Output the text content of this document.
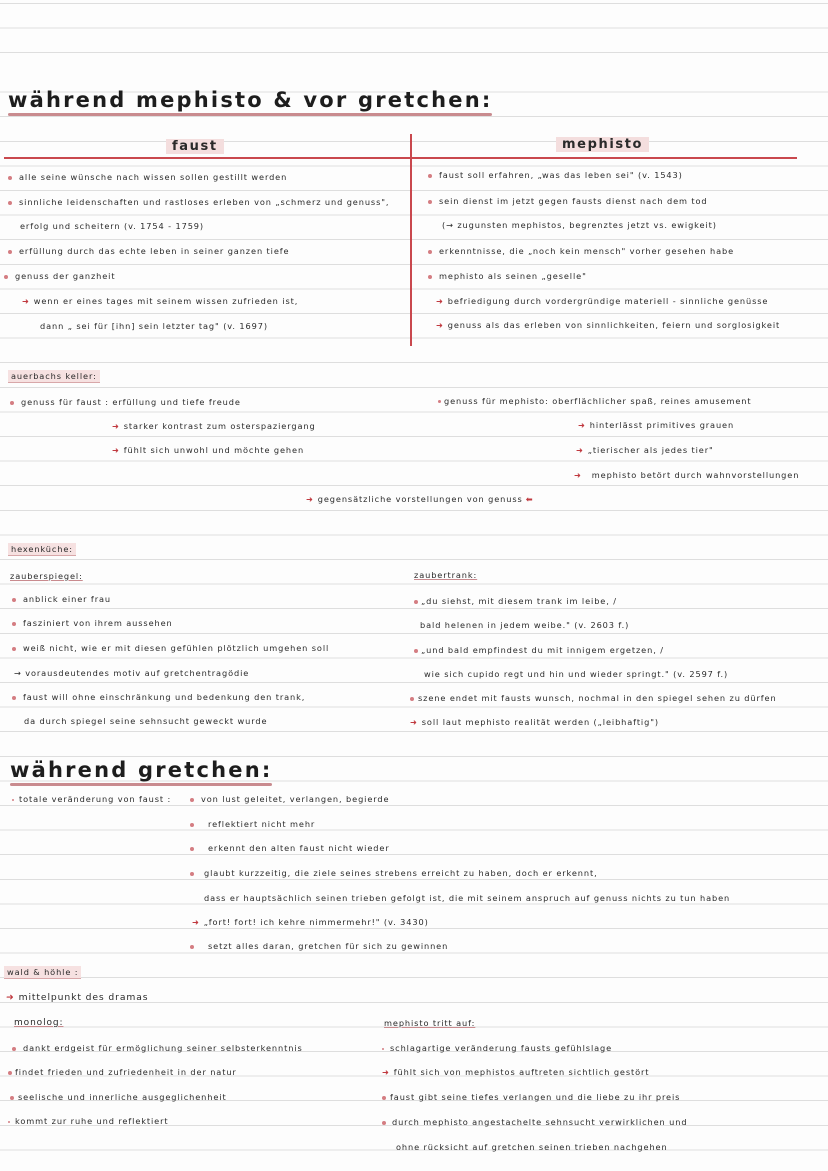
während mephisto & vor gretchen:
faust	mephisto
alle seine wünsche nach wissen sollen gestillt werden
sinnliche leidenschaften und rastloses erleben von „schmerz und genuss",
erfolg und scheitern (v. 1754 - 1759)
erfüllung durch das echte leben in seiner ganzen tiefe
genuss der ganzheit
➜ wenn er eines tages mit seinem wissen zufrieden ist,
dann „ sei für [ihn] sein letzter tag" (v. 1697)
faust soll erfahren, „was das leben sei" (v. 1543)
sein dienst im jetzt gegen fausts dienst nach dem tod
(→ zugunsten mephistos, begrenztes jetzt vs. ewigkeit)
erkenntnisse, die „noch kein mensch" vorher gesehen habe
mephisto als seinen „geselle"
➜ befriedigung durch vordergründige materiell - sinnliche genüsse
➜ genuss als das erleben von sinnlichkeiten, feiern und sorglosigkeit
auerbachs keller:
genuss für faust : erfüllung und tiefe freude
➜ starker kontrast zum osterspaziergang
➜ fühlt sich unwohl und möchte gehen
genuss für mephisto: oberflächlicher spaß, reines amusement
➜ hinterlässt primitives grauen
➜ „tierischer als jedes tier"
➜ mephisto betört durch wahnvorstellungen
➜ gegensätzliche vorstellungen von genuss ⬅
hexenküche:
zauberspiegel:
anblick einer frau
fasziniert von ihrem aussehen
weiß nicht, wie er mit diesen gefühlen plötzlich umgehen soll
→ vorausdeutendes motiv auf gretchentragödie
faust will ohne einschränkung und bedenkung den trank,
da durch spiegel seine sehnsucht geweckt wurde
zaubertrank:
„du siehst, mit diesem trank im leibe, /
bald helenen in jedem weibe." (v. 2603 f.)
„und bald empfindest du mit innigem ergetzen, /
wie sich cupido regt und hin und wieder springt." (v. 2597 f.)
szene endet mit fausts wunsch, nochmal in den spiegel sehen zu dürfen
➜ soll laut mephisto realität werden („leibhaftig")
während gretchen:
totale veränderung von faust :	von lust geleitet, verlangen, begierde
reflektiert nicht mehr
erkennt den alten faust nicht wieder
glaubt kurzzeitig, die ziele seines strebens erreicht zu haben, doch er erkennt,
dass er hauptsächlich seinen trieben gefolgt ist, die mit seinem anspruch auf genuss nichts zu tun haben
➜ „fort! fort! ich kehre nimmermehr!" (v. 3430)
setzt alles daran, gretchen für sich zu gewinnen
wald & höhle :
➜ mittelpunkt des dramas
monolog:
dankt erdgeist für ermöglichung seiner selbsterkenntnis
findet frieden und zufriedenheit in der natur
seelische und innerliche ausgeglichenheit
kommt zur ruhe und reflektiert
mephisto tritt auf:
schlagartige veränderung fausts gefühlslage
➜ fühlt sich von mephistos auftreten sichtlich gestört
faust gibt seine tiefes verlangen und die liebe zu ihr preis
durch mephisto angestachelte sehnsucht verwirklichen und
ohne rücksicht auf gretchen seinen trieben nachgehen
